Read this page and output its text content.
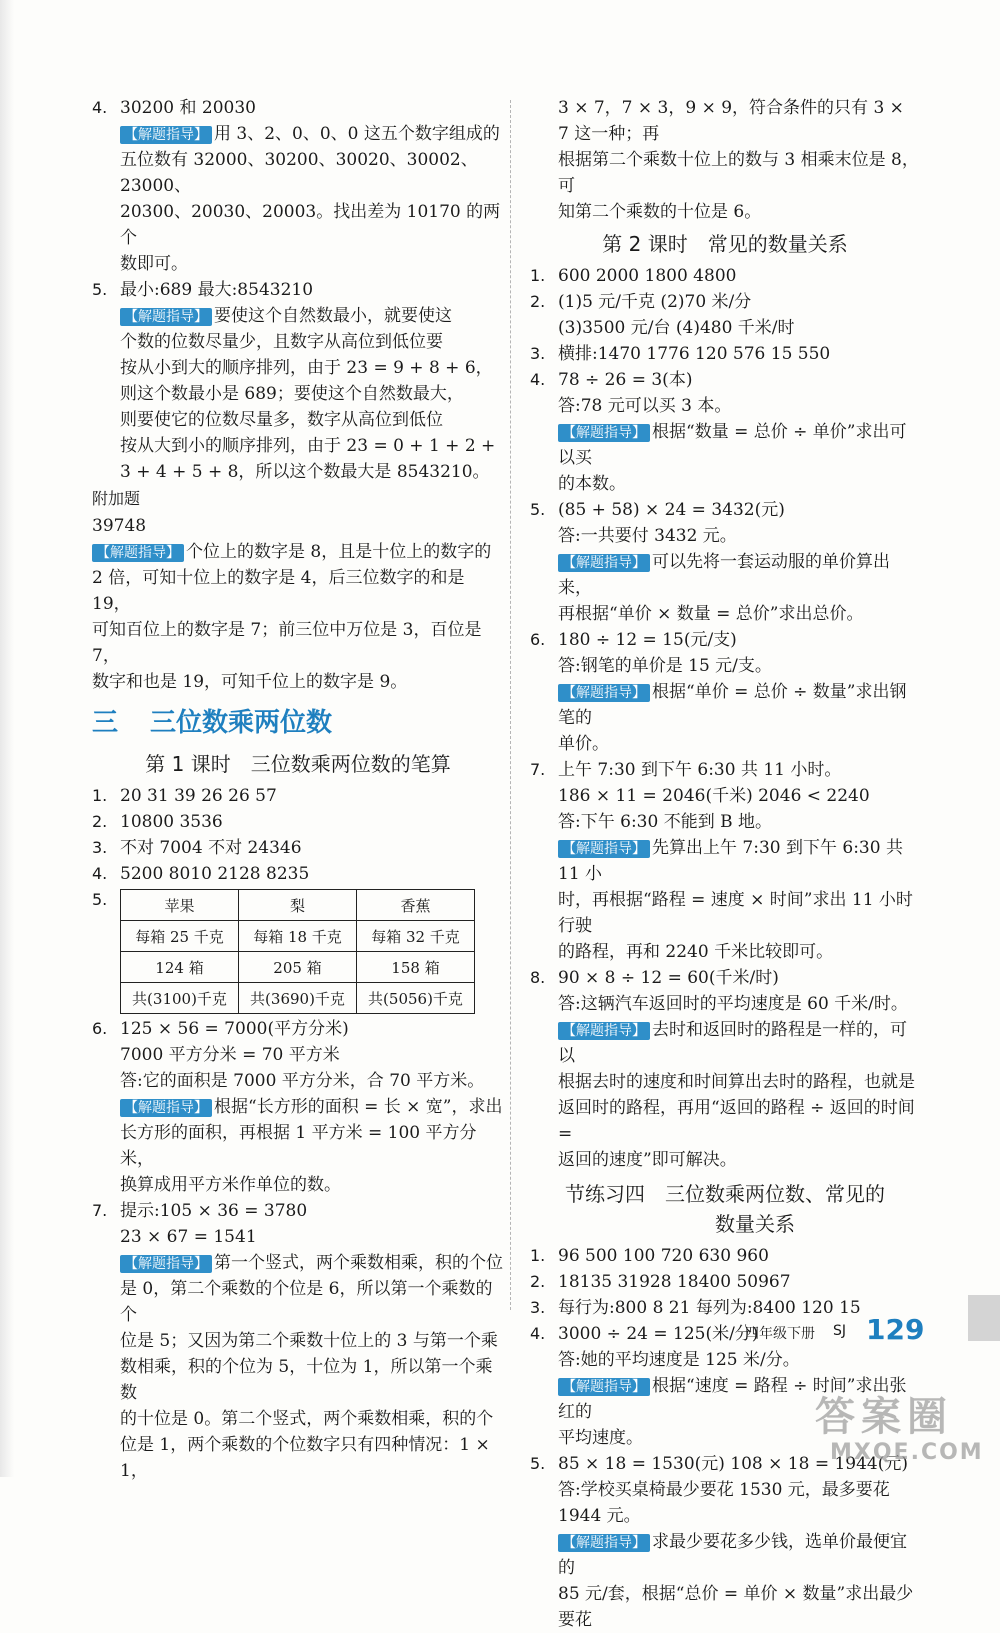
4. 30200 和 20030
【解题指导】 用 3、2、0、0、0 这五个数字组成的
五位数有 32000、30200、30020、30002、23000、
20300、20030、20003。找出差为 10170 的两个
数即可。
5. 最小:689 最大:8543210
【解题指导】 要使这个自然数最小，就要使这
个数的位数尽量少，且数字从高位到低位要
按从小到大的顺序排列，由于 23 = 9 + 8 + 6，
则这个数最小是 689；要使这个自然数最大，
则要使它的位数尽量多，数字从高位到低位
按从大到小的顺序排列，由于 23 = 0 + 1 + 2 +
3 + 4 + 5 + 8，所以这个数最大是 8543210。
附加题
39748
【解题指导】 个位上的数字是 8，且是十位上的数字的
2 倍，可知十位上的数字是 4，后三位数字的和是 19，
可知百位上的数字是 7；前三位中万位是 3，百位是 7，
数字和也是 19，可知千位上的数字是 9。
三 三位数乘两位数
第 1 课时 三位数乘两位数的笔算
1. 20 31 39 26 26 57
2. 10800 3536
3. 不对 7004 不对 24346
4. 5200 8010 2128 8235
5.	苹果	梨	香蕉
每箱 25 千克	每箱 18 千克	每箱 32 千克
124 箱	205 箱	158 箱
共(3100)千克	共(3690)千克	共(5056)千克
6. 125 × 56 = 7000(平方分米)
7000 平方分米 = 70 平方米
答:它的面积是 7000 平方分米，合 70 平方米。
【解题指导】 根据“长方形的面积 = 长 × 宽”，求出
长方形的面积，再根据 1 平方米 = 100 平方分米，
换算成用平方米作单位的数。
7. 提示:105 × 36 = 3780
23 × 67 = 1541
【解题指导】 第一个竖式，两个乘数相乘，积的个位
是 0，第二个乘数的个位是 6，所以第一个乘数的个
位是 5；又因为第二个乘数十位上的 3 与第一个乘
数相乘，积的个位为 5，十位为 1，所以第一个乘数
的十位是 0。第二个竖式，两个乘数相乘，积的个
位是 1，两个乘数的个位数字只有四种情况：1 × 1，
3 × 7，7 × 3，9 × 9，符合条件的只有 3 × 7 这一种；再
根据第二个乘数十位上的数与 3 相乘末位是 8，可
知第二个乘数的十位是 6。
第 2 课时 常见的数量关系
1. 600 2000 1800 4800
2. (1)5 元/千克 (2)70 米/分
(3)3500 元/台 (4)480 千米/时
3. 横排:1470 1776 120 576 15 550
4. 78 ÷ 26 = 3(本)
答:78 元可以买 3 本。
【解题指导】 根据“数量 = 总价 ÷ 单价”求出可以买
的本数。
5. (85 + 58) × 24 = 3432(元)
答:一共要付 3432 元。
【解题指导】 可以先将一套运动服的单价算出来，
再根据“单价 × 数量 = 总价”求出总价。
6. 180 ÷ 12 = 15(元/支)
答:钢笔的单价是 15 元/支。
【解题指导】 根据“单价 = 总价 ÷ 数量”求出钢笔的
单价。
7. 上午 7:30 到下午 6:30 共 11 小时。
186 × 11 = 2046(千米) 2046 < 2240
答:下午 6:30 不能到 B 地。
【解题指导】 先算出上午 7:30 到下午 6:30 共 11 小
时，再根据“路程 = 速度 × 时间”求出 11 小时行驶
的路程，再和 2240 千米比较即可。
8. 90 × 8 ÷ 12 = 60(千米/时)
答:这辆汽车返回时的平均速度是 60 千米/时。
【解题指导】 去时和返回时的路程是一样的，可以
根据去时的速度和时间算出去时的路程，也就是
返回时的路程，再用“返回的路程 ÷ 返回的时间 =
返回的速度”即可解决。
节练习四 三位数乘两位数、常见的
数量关系
1. 96 500 100 720 630 960
2. 18135 31928 18400 50967
3. 每行为:800 8 21 每列为:8400 120 15
4. 3000 ÷ 24 = 125(米/分)
答:她的平均速度是 125 米/分。
【解题指导】 根据“速度 = 路程 ÷ 时间”求出张红的
平均速度。
5. 85 × 18 = 1530(元) 108 × 18 = 1944(元)
答:学校买桌椅最少要花 1530 元，最多要花
1944 元。
【解题指导】 求最少要花多少钱，选单价最便宜的
85 元/套，根据“总价 = 单价 × 数量”求出最少要花
四年级下册 SJ 129
答案圈
MXQE.COM
